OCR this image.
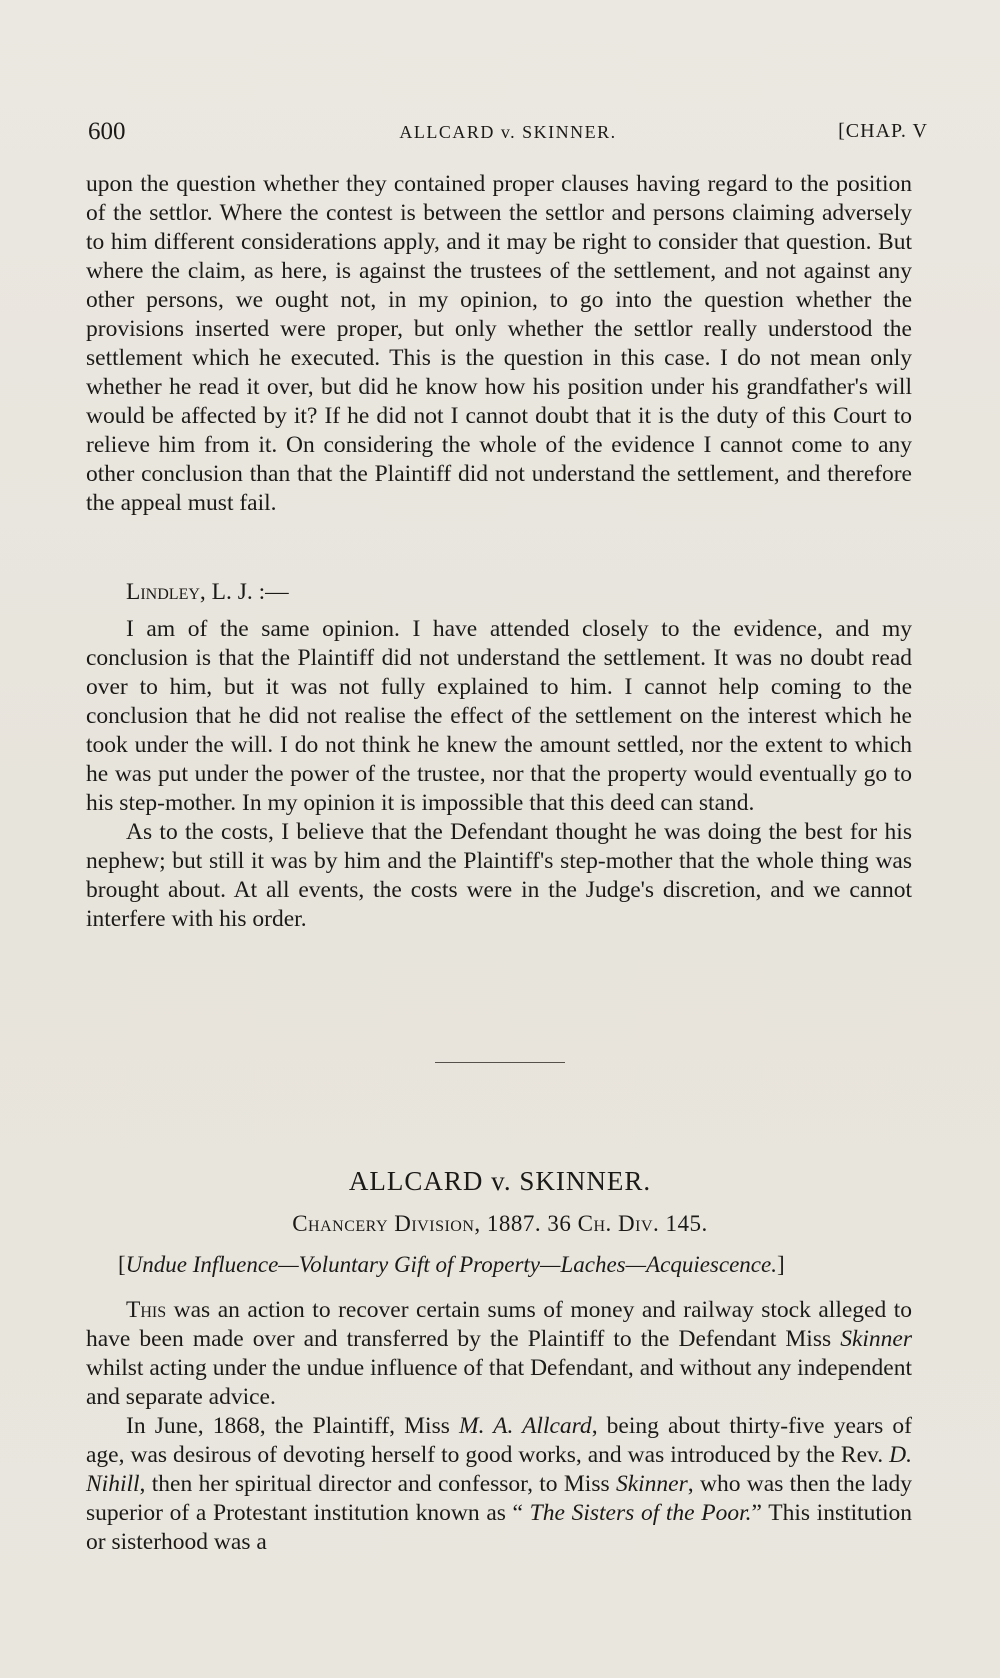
600	ALLCARD v. SKINNER.	[CHAP. V

upon the question whether they contained proper clauses having regard to the position of the settlor. Where the contest is between the settlor and persons claiming adversely to him different considerations apply, and it may be right to consider that question. But where the claim, as here, is against the trustees of the settlement, and not against any other persons, we ought not, in my opinion, to go into the question whether the provisions inserted were proper, but only whether the settlor really understood the settlement which he executed. This is the question in this case. I do not mean only whether he read it over, but did he know how his position under his grandfather's will would be affected by it? If he did not I cannot doubt that it is the duty of this Court to relieve him from it. On considering the whole of the evidence I cannot come to any other conclusion than that the Plaintiff did not understand the settlement, and therefore the appeal must fail.

Lindley, L. J. :—

I am of the same opinion. I have attended closely to the evidence, and my conclusion is that the Plaintiff did not understand the settlement. It was no doubt read over to him, but it was not fully explained to him. I cannot help coming to the conclusion that he did not realise the effect of the settlement on the interest which he took under the will. I do not think he knew the amount settled, nor the extent to which he was put under the power of the trustee, nor that the property would eventually go to his step-mother. In my opinion it is impossible that this deed can stand.

As to the costs, I believe that the Defendant thought he was doing the best for his nephew; but still it was by him and the Plaintiff's step-mother that the whole thing was brought about. At all events, the costs were in the Judge's discretion, and we cannot interfere with his order.

ALLCARD v. SKINNER.
Chancery Division, 1887. 36 Ch. Div. 145.
[Undue Influence—Voluntary Gift of Property—Laches—Acquiescence.]

This was an action to recover certain sums of money and railway stock alleged to have been made over and transferred by the Plaintiff to the Defendant Miss Skinner whilst acting under the undue influence of that Defendant, and without any independent and separate advice.

In June, 1868, the Plaintiff, Miss M. A. Allcard, being about thirty-five years of age, was desirous of devoting herself to good works, and was introduced by the Rev. D. Nihill, then her spiritual director and confessor, to Miss Skinner, who was then the lady superior of a Protestant institution known as “ The Sisters of the Poor.” This institution or sisterhood was a
